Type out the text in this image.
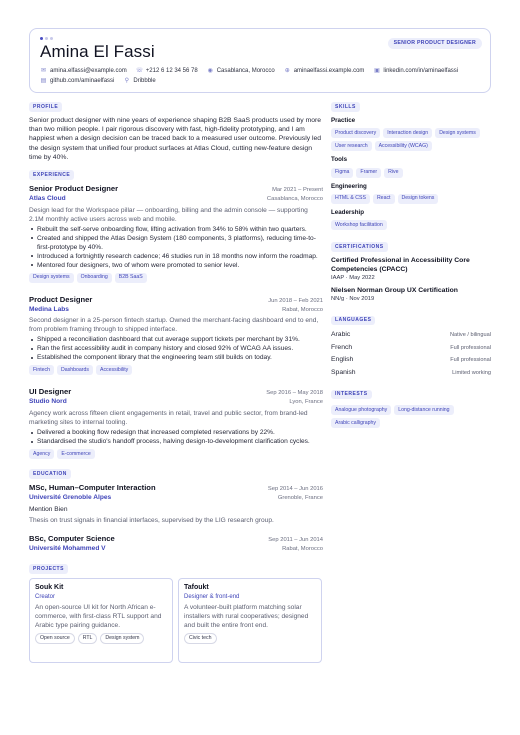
Amina El Fassi	SENIOR PRODUCT DESIGNER
✉ amina.elfassi@example.com ☏ +212 6 12 34 56 78 ◉ Casablanca, Morocco ⊕ aminaelfassi.example.com ▣ linkedin.com/in/aminaelfassi
▤ github.com/aminaelfassi ⚲ Dribbble
PROFILE

Senior product designer with nine years of experience shaping B2B SaaS products used by more than two million people. I pair rigorous discovery with fast, high-fidelity prototyping, and I am happiest when a design decision can be traced back to a measured user outcome. Previously led the design system that unified four product surfaces at Atlas Cloud, cutting new-feature design time by 40%.

EXPERIENCE
Senior Product Designer	Mar 2021 – Present
Atlas Cloud	Casablanca, Morocco

Design lead for the Workspace pillar — onboarding, billing and the admin console — supporting 2.1M monthly active users across web and mobile.

Rebuilt the self-serve onboarding flow, lifting activation from 34% to 58% within two quarters.
Created and shipped the Atlas Design System (180 components, 3 platforms), reducing time-to-first-prototype by 40%.
Introduced a fortnightly research cadence; 46 studies run in 18 months now inform the roadmap.
Mentored four designers, two of whom were promoted to senior level.
Design systems	Onboarding	B2B SaaS
Product Designer	Jun 2018 – Feb 2021
Medina Labs	Rabat, Morocco

Second designer in a 25-person fintech startup. Owned the merchant-facing dashboard end to end, from problem framing through to shipped interface.

Shipped a reconciliation dashboard that cut average support tickets per merchant by 31%.
Ran the first accessibility audit in company history and closed 92% of WCAG AA issues.
Established the component library that the engineering team still builds on today.
Fintech	Dashboards	Accessibility
UI Designer	Sep 2016 – May 2018
Studio Nord	Lyon, France

Agency work across fifteen client engagements in retail, travel and public sector, from brand-led marketing sites to internal tooling.

Delivered a booking flow redesign that increased completed reservations by 22%.
Standardised the studio's handoff process, halving design-to-development clarification cycles.
Agency	E-commerce
EDUCATION
MSc, Human–Computer Interaction	Sep 2014 – Jun 2016
Université Grenoble Alpes	Grenoble, France

Mention Bien

Thesis on trust signals in financial interfaces, supervised by the LIG research group.

BSc, Computer Science	Sep 2011 – Jun 2014
Université Mohammed V	Rabat, Morocco
PROJECTS
Souk Kit
Creator

An open-source UI kit for North African e-commerce, with first-class RTL support and Arabic type pairing guidance.

Open source	RTL	Design system
Tafoukt
Designer & front-end

A volunteer-built platform matching solar installers with rural cooperatives; designed and built the entire front end.

Civic tech
SKILLS
Practice
Product discovery	Interaction design	Design systems
User research	Accessibility (WCAG)
Tools
Figma	Framer	Rive
Engineering
HTML & CSS	React	Design tokens
Leadership
Workshop facilitation
CERTIFICATIONS
Certified Professional in Accessibility Core Competencies (CPACC)
IAAP · May 2022
Nielsen Norman Group UX Certification
NN/g · Nov 2019
LANGUAGES
Arabic	Native / bilingual
French	Full professional
English	Full professional
Spanish	Limited working
INTERESTS
Analogue photography	Long-distance running
Arabic calligraphy
